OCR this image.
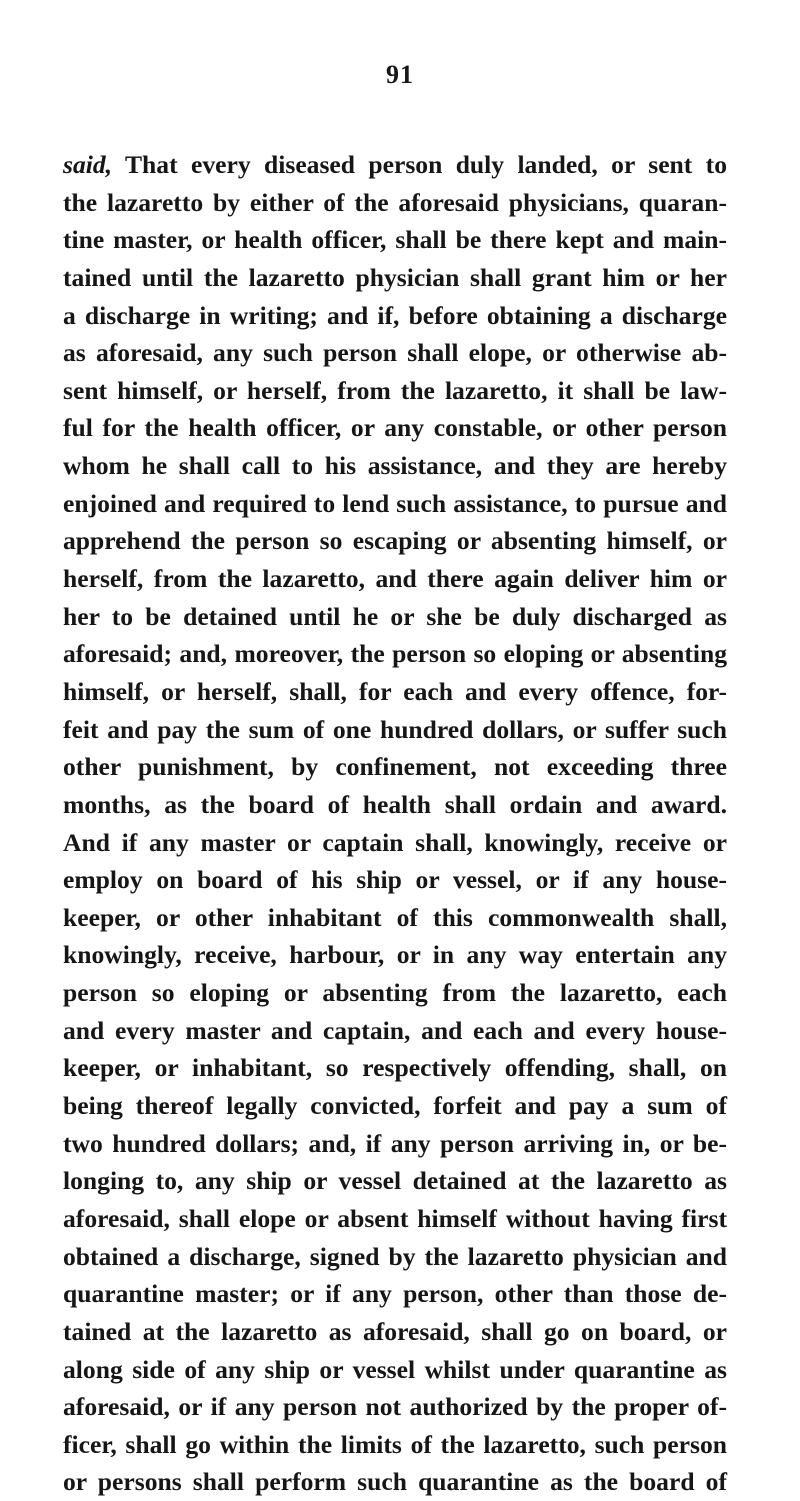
91
said, That every diseased person duly landed, or sent to
the lazaretto by either of the aforesaid physicians, quaran-
tine master, or health officer, shall be there kept and main-
tained until the lazaretto physician shall grant him or her
a discharge in writing; and if, before obtaining a discharge
as aforesaid, any such person shall elope, or otherwise ab-
sent himself, or herself, from the lazaretto, it shall be law-
ful for the health officer, or any constable, or other person
whom he shall call to his assistance, and they are hereby
enjoined and required to lend such assistance, to pursue and
apprehend the person so escaping or absenting himself, or
herself, from the lazaretto, and there again deliver him or
her to be detained until he or she be duly discharged as
aforesaid; and, moreover, the person so eloping or absenting
himself, or herself, shall, for each and every offence, for-
feit and pay the sum of one hundred dollars, or suffer such
other punishment, by confinement, not exceeding three
months, as the board of health shall ordain and award.
And if any master or captain shall, knowingly, receive or
employ on board of his ship or vessel, or if any house-
keeper, or other inhabitant of this commonwealth shall,
knowingly, receive, harbour, or in any way entertain any
person so eloping or absenting from the lazaretto, each
and every master and captain, and each and every house-
keeper, or inhabitant, so respectively offending, shall, on
being thereof legally convicted, forfeit and pay a sum of
two hundred dollars; and, if any person arriving in, or be-
longing to, any ship or vessel detained at the lazaretto as
aforesaid, shall elope or absent himself without having first
obtained a discharge, signed by the lazaretto physician and
quarantine master; or if any person, other than those de-
tained at the lazaretto as aforesaid, shall go on board, or
along side of any ship or vessel whilst under quarantine as
aforesaid, or if any person not authorized by the proper of-
ficer, shall go within the limits of the lazaretto, such person
or persons shall perform such quarantine as the board of
